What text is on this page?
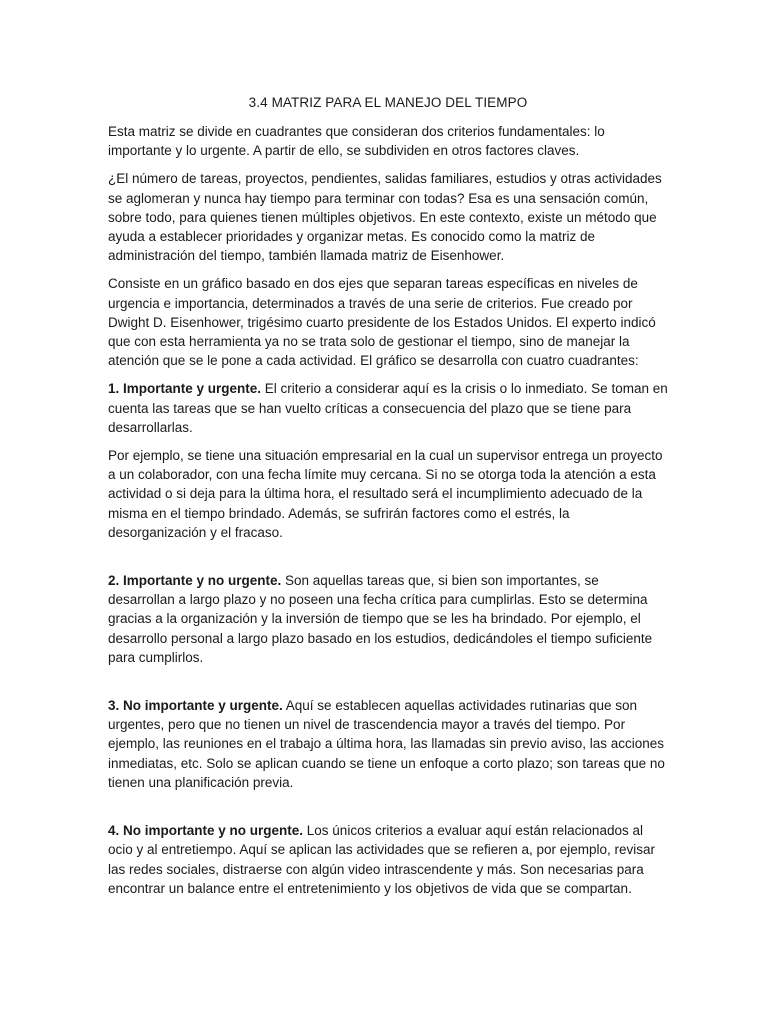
3.4 MATRIZ PARA EL MANEJO DEL TIEMPO

Esta matriz se divide en cuadrantes que consideran dos criterios fundamentales: lo importante y lo urgente. A partir de ello, se subdividen en otros factores claves.

¿El número de tareas, proyectos, pendientes, salidas familiares, estudios y otras actividades se aglomeran y nunca hay tiempo para terminar con todas? Esa es una sensación común, sobre todo, para quienes tienen múltiples objetivos. En este contexto, existe un método que ayuda a establecer prioridades y organizar metas. Es conocido como la matriz de administración del tiempo, también llamada matriz de Eisenhower.

Consiste en un gráfico basado en dos ejes que separan tareas específicas en niveles de urgencia e importancia, determinados a través de una serie de criterios. Fue creado por Dwight D. Eisenhower, trigésimo cuarto presidente de los Estados Unidos. El experto indicó que con esta herramienta ya no se trata solo de gestionar el tiempo, sino de manejar la atención que se le pone a cada actividad. El gráfico se desarrolla con cuatro cuadrantes:

1. Importante y urgente. El criterio a considerar aquí es la crisis o lo inmediato. Se toman en cuenta las tareas que se han vuelto críticas a consecuencia del plazo que se tiene para desarrollarlas.

Por ejemplo, se tiene una situación empresarial en la cual un supervisor entrega un proyecto a un colaborador, con una fecha límite muy cercana. Si no se otorga toda la atención a esta actividad o si deja para la última hora, el resultado será el incumplimiento adecuado de la misma en el tiempo brindado. Además, se sufrirán factores como el estrés, la desorganización y el fracaso.

2. Importante y no urgente. Son aquellas tareas que, si bien son importantes, se desarrollan a largo plazo y no poseen una fecha crítica para cumplirlas. Esto se determina gracias a la organización y la inversión de tiempo que se les ha brindado. Por ejemplo, el desarrollo personal a largo plazo basado en los estudios, dedicándoles el tiempo suficiente para cumplirlos.

3. No importante y urgente. Aquí se establecen aquellas actividades rutinarias que son urgentes, pero que no tienen un nivel de trascendencia mayor a través del tiempo. Por ejemplo, las reuniones en el trabajo a última hora, las llamadas sin previo aviso, las acciones inmediatas, etc. Solo se aplican cuando se tiene un enfoque a corto plazo; son tareas que no tienen una planificación previa.

4. No importante y no urgente. Los únicos criterios a evaluar aquí están relacionados al ocio y al entretiempo. Aquí se aplican las actividades que se refieren a, por ejemplo, revisar las redes sociales, distraerse con algún video intrascendente y más. Son necesarias para encontrar un balance entre el entretenimiento y los objetivos de vida que se compartan.
